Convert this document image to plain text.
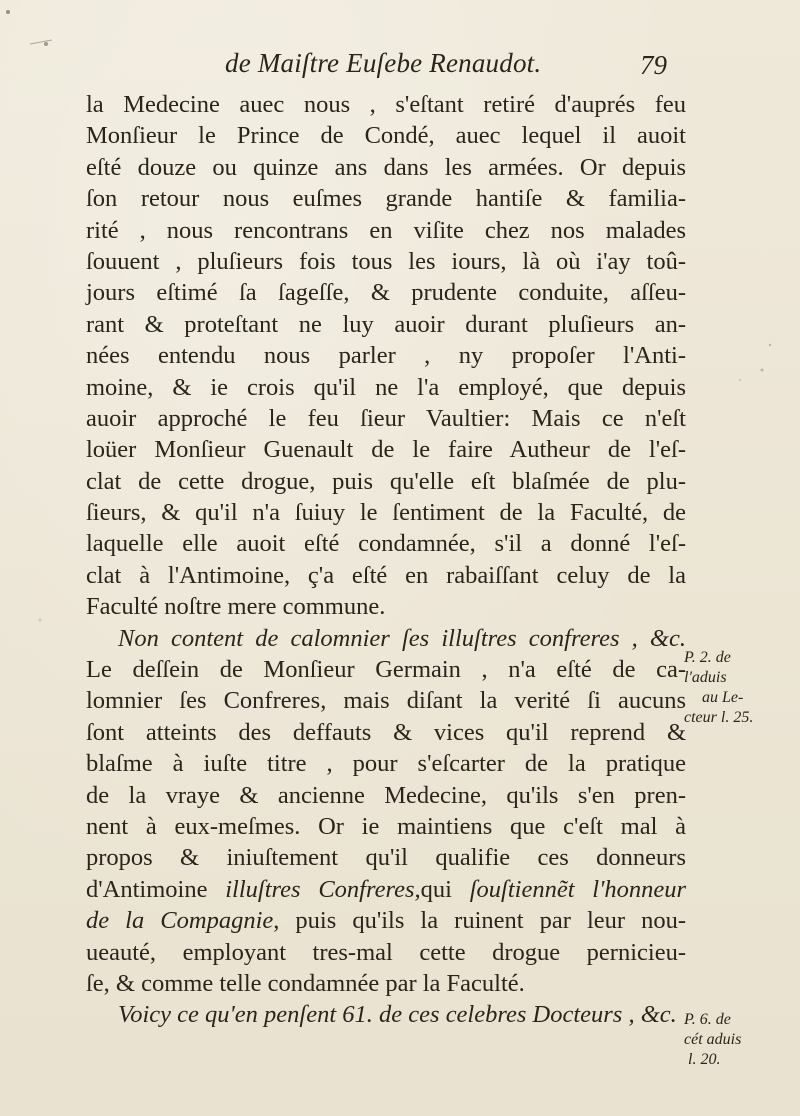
de Maiſtre Euſebe Renaudot.	79
la Medecine auec nous , s'eſtant retiré d'auprés feu
Monſieur le Prince de Condé, auec lequel il auoit
eſté douze ou quinze ans dans les armées. Or depuis
ſon retour nous euſmes grande hantiſe & familia-
rité , nous rencontrans en viſite chez nos malades
ſouuent , pluſieurs fois tous les iours, là où i'ay toû-
jours eſtimé ſa ſageſſe, & prudente conduite, aſſeu-
rant & proteſtant ne luy auoir durant pluſieurs an-
nées entendu nous parler , ny propoſer l'Anti-
moine, & ie crois qu'il ne l'a employé, que depuis
auoir approché le feu ſieur Vaultier: Mais ce n'eſt
loüer Monſieur Guenault de le faire Autheur de l'eſ-
clat de cette drogue, puis qu'elle eſt blaſmée de plu-
ſieurs, & qu'il n'a ſuiuy le ſentiment de la Faculté, de
laquelle elle auoit eſté condamnée, s'il a donné l'eſ-
clat à l'Antimoine, ç'a eſté en rabaiſſant celuy de la
Faculté noſtre mere commune.
Non content de calomnier ſes illuſtres confreres , &c.
Le deſſein de Monſieur Germain , n'a eſté de ca-
lomnier ſes Confreres, mais diſant la verité ſi aucuns
ſont atteints des deffauts & vices qu'il reprend &
blaſme à iuſte titre , pour s'eſcarter de la pratique
de la vraye & ancienne Medecine, qu'ils s'en pren-
nent à eux-meſmes. Or ie maintiens que c'eſt mal à
propos & iniuſtement qu'il qualifie ces donneurs
d'Antimoine illuſtres Confreres,qui ſouſtiennẽt l'honneur
de la Compagnie, puis qu'ils la ruinent par leur nou-
ueauté, employant tres-mal cette drogue pernicieu-
ſe, & comme telle condamnée par la Faculté.
Voicy ce qu'en penſent 61. de ces celebres Docteurs , &c.
P. 2. de
l'aduis
au Le-
cteur l. 25.
P. 6. de
cét aduis
l. 20.
